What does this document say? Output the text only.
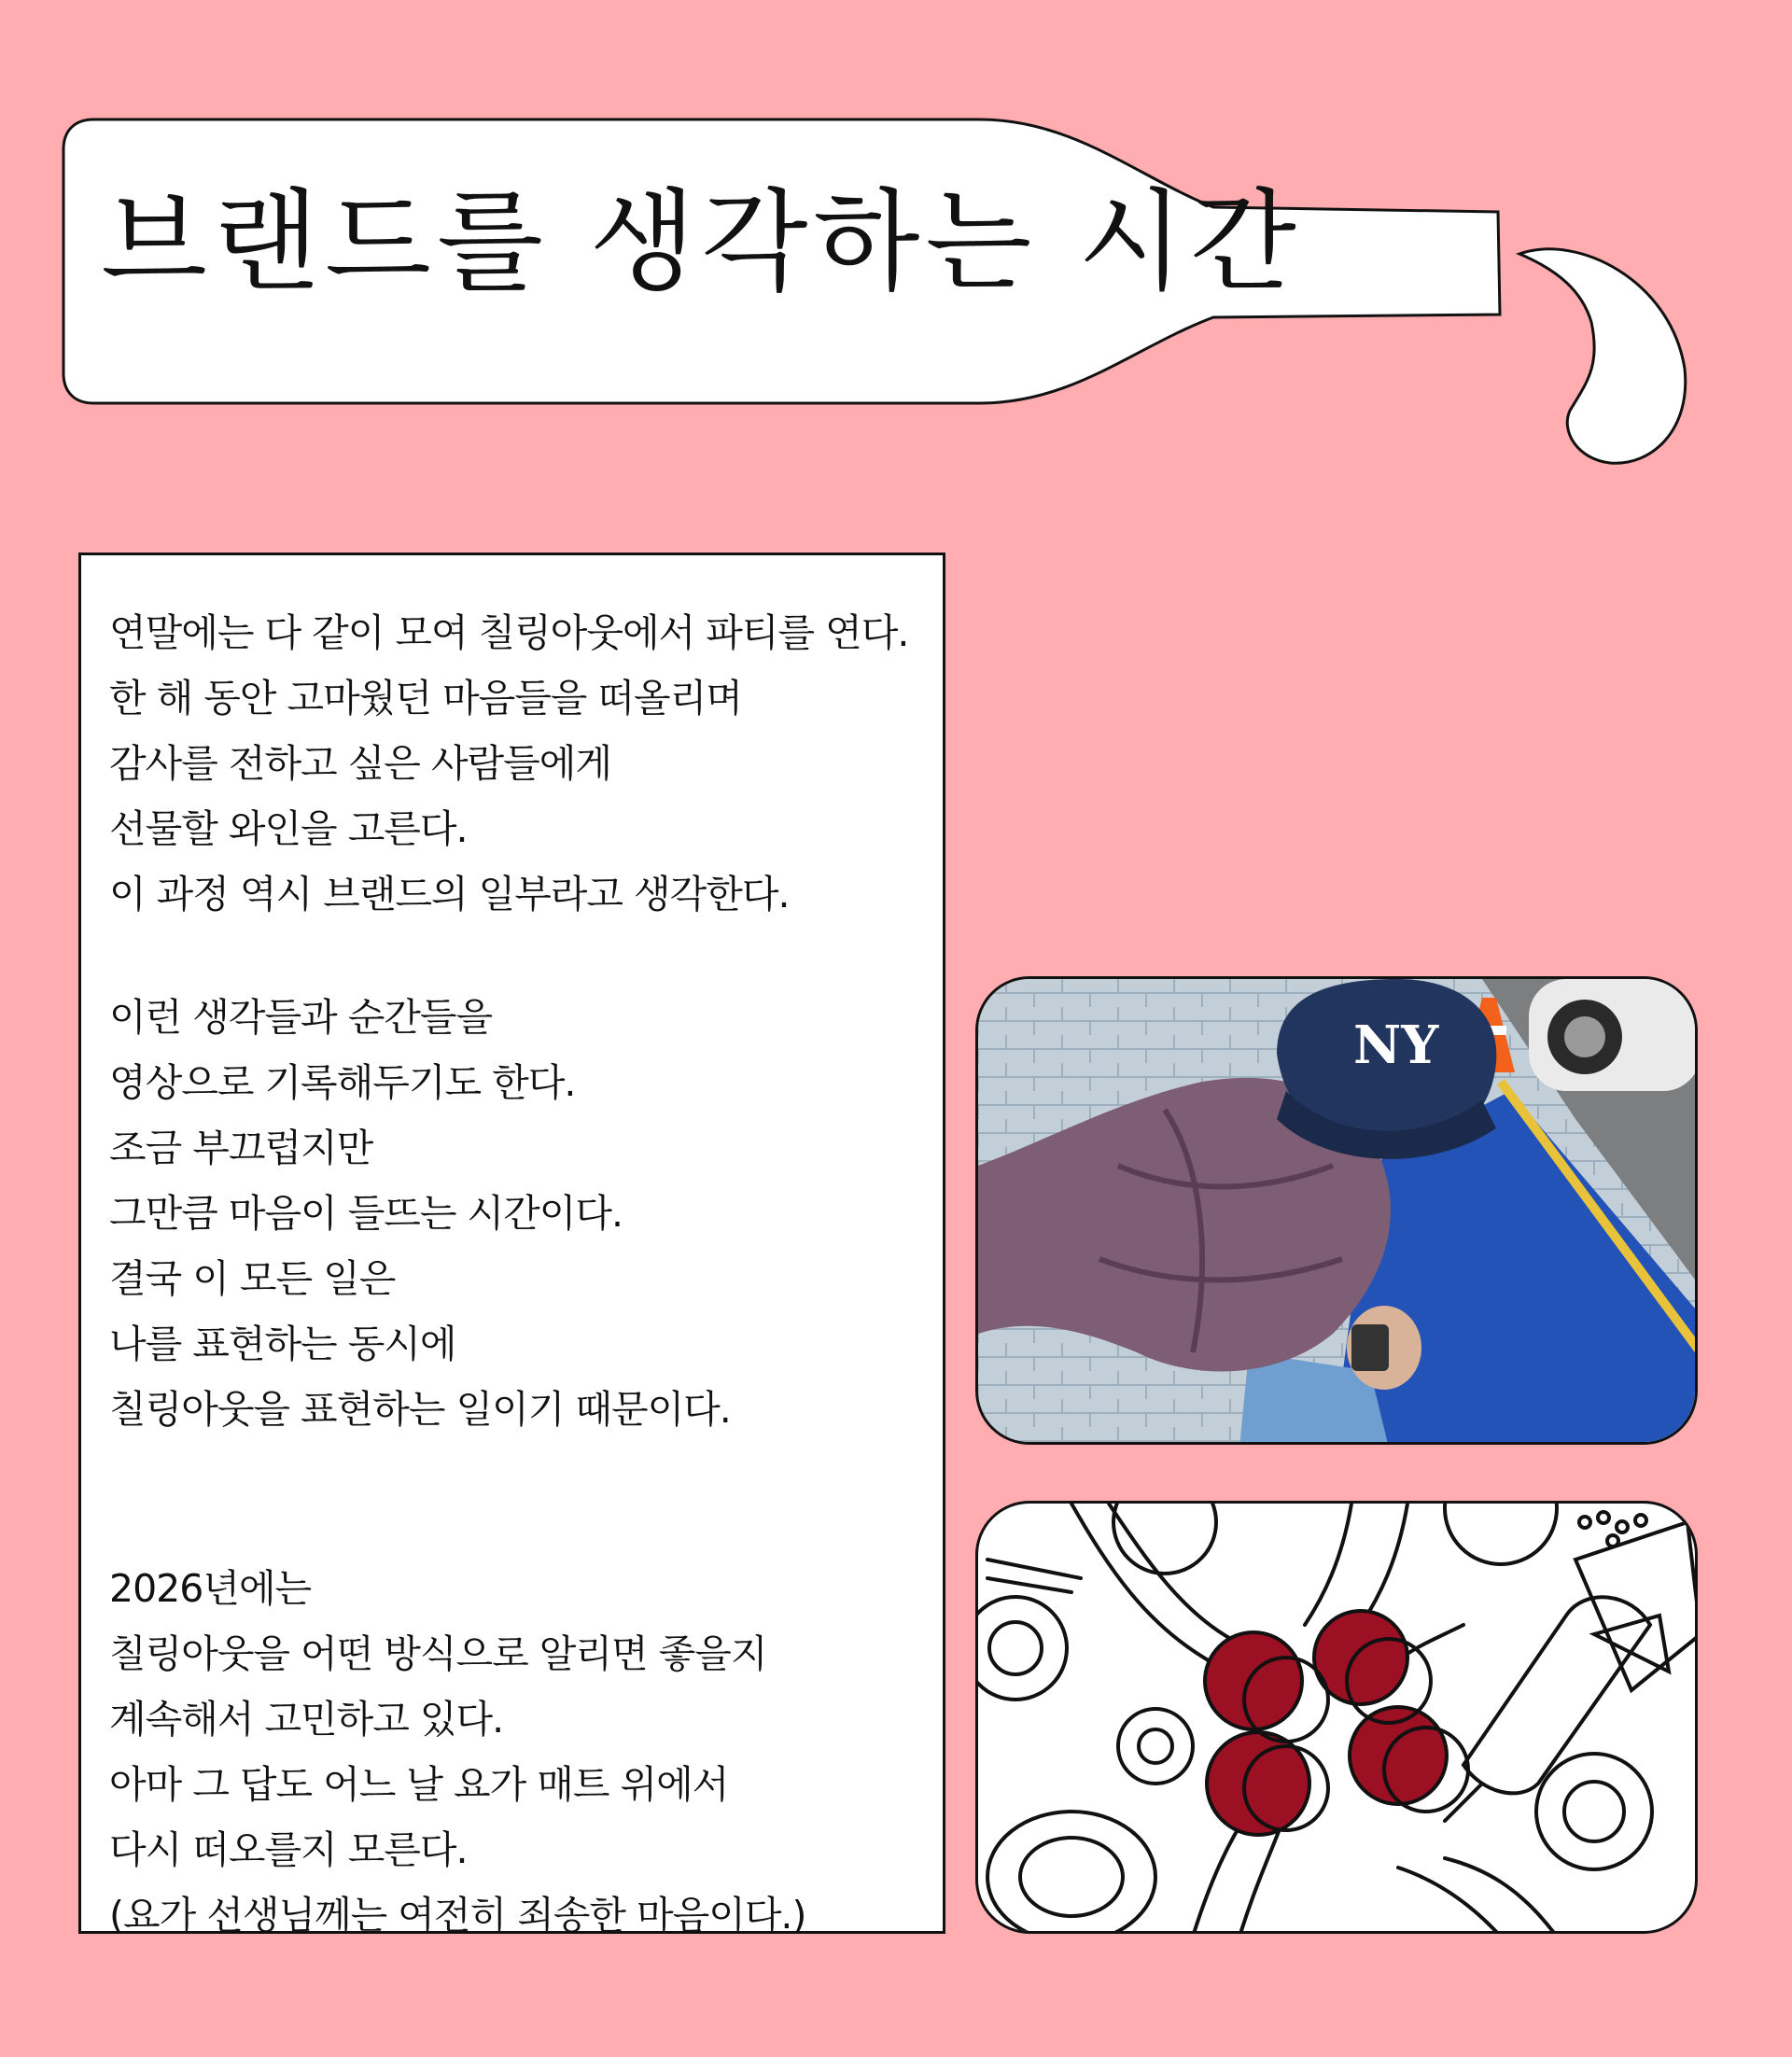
브랜드를 생각하는 시간

연말에는 다 같이 모여 칠링아웃에서 파티를 연다.

한 해 동안 고마웠던 마음들을 떠올리며

감사를 전하고 싶은 사람들에게

선물할 와인을 고른다.

이 과정 역시 브랜드의 일부라고 생각한다.

이런 생각들과 순간들을

영상으로 기록해두기도 한다.

조금 부끄럽지만

그만큼 마음이 들뜨는 시간이다.

결국 이 모든 일은

나를 표현하는 동시에

칠링아웃을 표현하는 일이기 때문이다.

2026년에는

칠링아웃을 어떤 방식으로 알리면 좋을지

계속해서 고민하고 있다.

아마 그 답도 어느 날 요가 매트 위에서

다시 떠오를지 모른다.

(요가 선생님께는 여전히 죄송한 마음이다.)

NY
